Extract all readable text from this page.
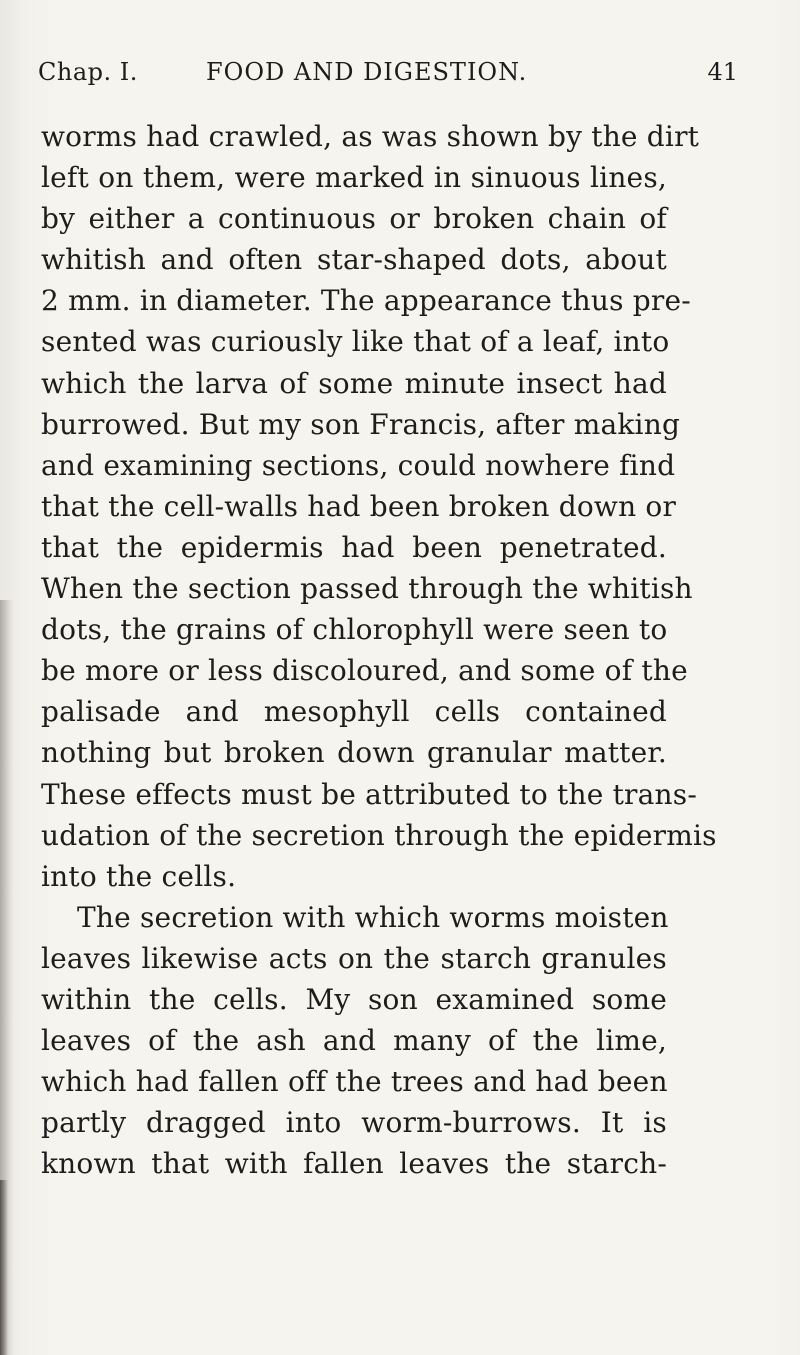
Chap. I.	FOOD AND DIGESTION.	41
worms had crawled, as was shown by the dirt
left on them, were marked in sinuous lines,
by either a continuous or broken chain of
whitish and often star-shaped dots, about
2 mm. in diameter. The appearance thus pre-
sented was curiously like that of a leaf, into
which the larva of some minute insect had
burrowed. But my son Francis, after making
and examining sections, could nowhere find
that the cell-walls had been broken down or
that the epidermis had been penetrated.
When the section passed through the whitish
dots, the grains of chlorophyll were seen to
be more or less discoloured, and some of the
palisade and mesophyll cells contained
nothing but broken down granular matter.
These effects must be attributed to the trans-
udation of the secretion through the epidermis
into the cells.
The secretion with which worms moisten
leaves likewise acts on the starch granules
within the cells. My son examined some
leaves of the ash and many of the lime,
which had fallen off the trees and had been
partly dragged into worm-burrows. It is
known that with fallen leaves the starch-
